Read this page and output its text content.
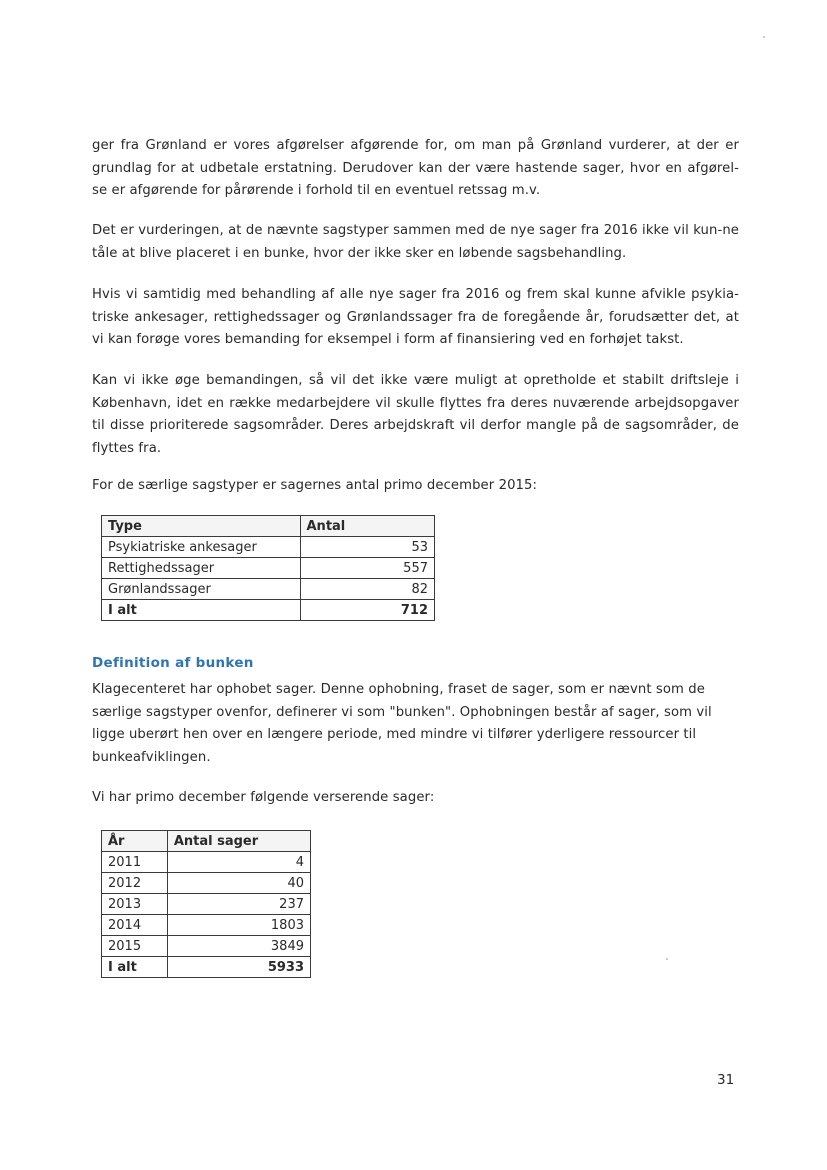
ger fra Grønland er vores afgørelser afgørende for, om man på Grønland vurderer, at der er grundlag for at udbetale erstatning. Derudover kan der være hastende sager, hvor en afgørel-se er afgørende for pårørende i forhold til en eventuel retssag m.v.

Det er vurderingen, at de nævnte sagstyper sammen med de nye sager fra 2016 ikke vil kun-ne tåle at blive placeret i en bunke, hvor der ikke sker en løbende sagsbehandling.

Hvis vi samtidig med behandling af alle nye sager fra 2016 og frem skal kunne afvikle psykia-triske ankesager, rettighedssager og Grønlandssager fra de foregående år, forudsætter det, at vi kan forøge vores bemanding for eksempel i form af finansiering ved en forhøjet takst.

Kan vi ikke øge bemandingen, så vil det ikke være muligt at opretholde et stabilt driftsleje i København, idet en række medarbejdere vil skulle flyttes fra deres nuværende arbejdsopgaver til disse prioriterede sagsområder. Deres arbejdskraft vil derfor mangle på de sagsområder, de flyttes fra.

For de særlige sagstyper er sagernes antal primo december 2015:

Type	Antal
Psykiatriske ankesager	53
Rettighedssager	557
Grønlandssager	82
I alt	712
Definition af bunken

Klagecenteret har ophobet sager. Denne ophobning, fraset de sager, som er nævnt som de særlige sagstyper ovenfor, definerer vi som "bunken". Ophobningen består af sager, som vil ligge uberørt hen over en længere periode, med mindre vi tilfører yderligere ressourcer til bunkeafviklingen.

Vi har primo december følgende verserende sager:

År	Antal sager
2011	4
2012	40
2013	237
2014	1803
2015	3849
I alt	5933
31
